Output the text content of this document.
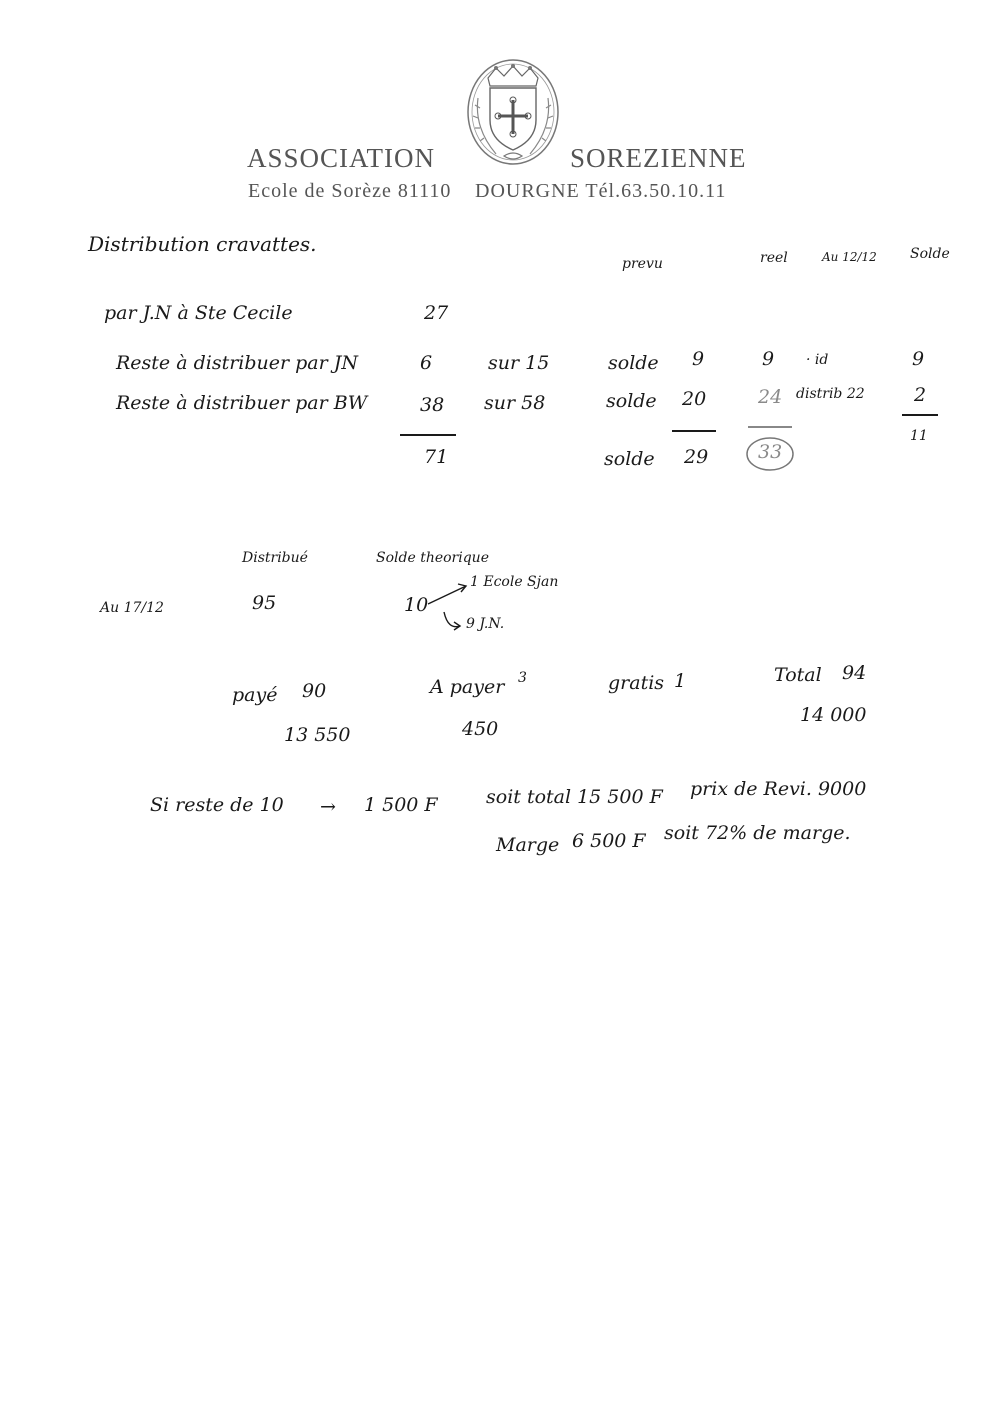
ASSOCIATION	SOREZIENNE
Ecole de Sorèze 81110 DOURGNE Tél.63.50.10.11
Distribution cravattes.
prevu	reel	Au 12/12 Solde
par J.N à Ste Cecile	27
Reste à distribuer par JN	6	sur 15	solde 9	9 · id	9
Reste à distribuer par BW	38 sur 58	solde 20	24 distrib 22	2
71	solde 29	33
11
Distribué	Solde theorique
Au 17/12	95	10
1 Ecole Sjan
9 J.N.
payé 90
13 550
A payer 3
450
gratis 1	Total 94
14 000
Si reste de 10 → 1 500 F	soit total 15 500 F prix de Revi. 9000
Marge 6 500 F soit 72% de marge.
